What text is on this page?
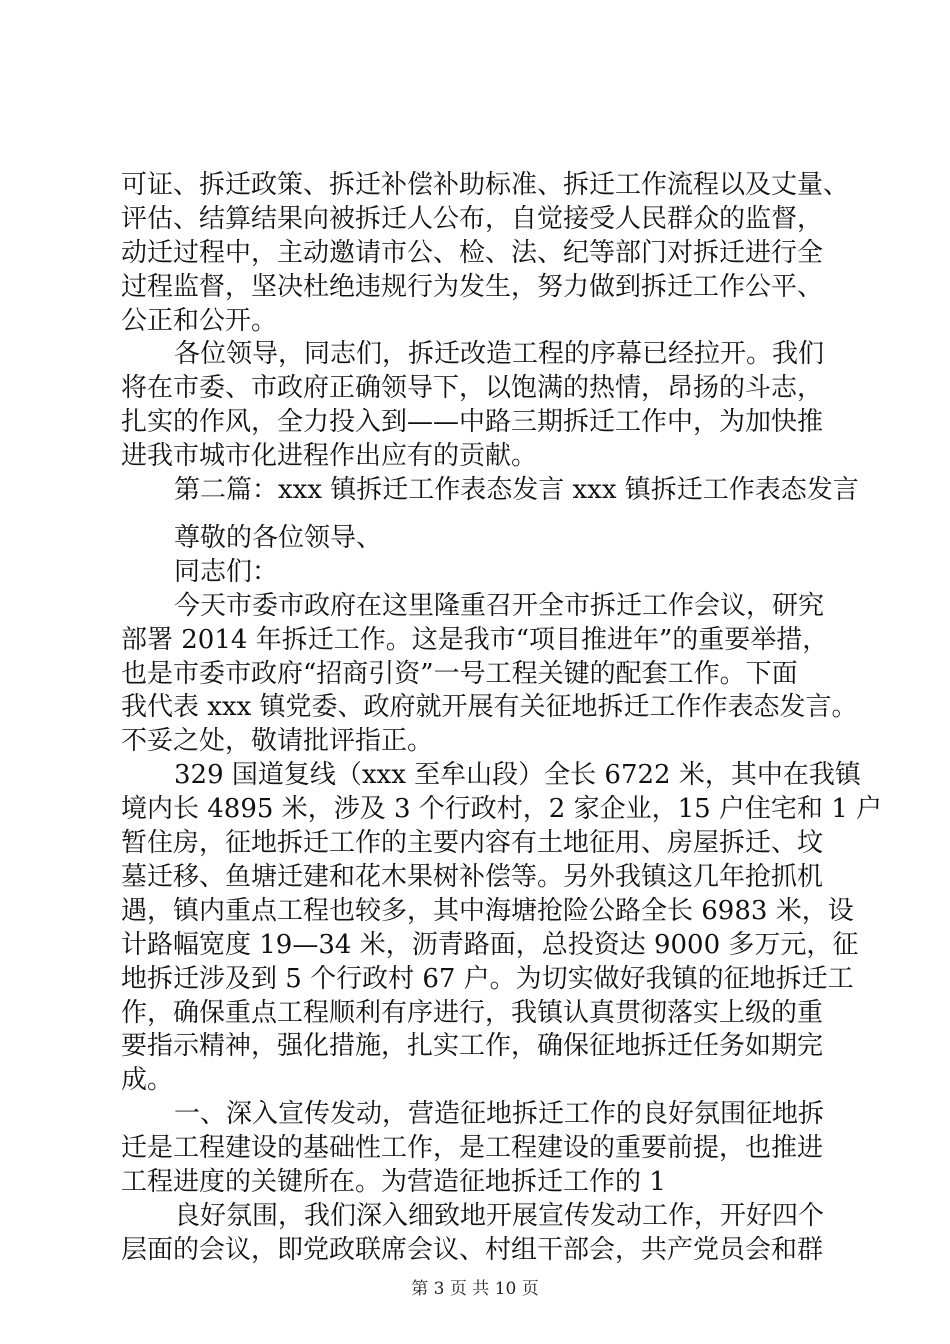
可证、拆迁政策、拆迁补偿补助标准、拆迁工作流程以及丈量、
评估、结算结果向被拆迁人公布，自觉接受人民群众的监督，
动迁过程中，主动邀请市公、检、法、纪等部门对拆迁进行全
过程监督，坚决杜绝违规行为发生，努力做到拆迁工作公平、
公正和公开。
各位领导，同志们，拆迁改造工程的序幕已经拉开。我们
将在市委、市政府正确领导下，以饱满的热情，昂扬的斗志，
扎实的作风，全力投入到——中路三期拆迁工作中，为加快推
进我市城市化进程作出应有的贡献。
第二篇：xxx 镇拆迁工作表态发言 xxx 镇拆迁工作表态发言
尊敬的各位领导、
同志们：
今天市委市政府在这里隆重召开全市拆迁工作会议，研究
部署 2014 年拆迁工作。这是我市“项目推进年”的重要举措，
也是市委市政府“招商引资”一号工程关键的配套工作。下面
我代表 xxx 镇党委、政府就开展有关征地拆迁工作作表态发言。
不妥之处，敬请批评指正。
329 国道复线（xxx 至牟山段）全长 6722 米，其中在我镇
境内长 4895 米，涉及 3 个行政村，2 家企业，15 户住宅和 1 户
暂住房，征地拆迁工作的主要内容有土地征用、房屋拆迁、坟
墓迁移、鱼塘迁建和花木果树补偿等。另外我镇这几年抢抓机
遇，镇内重点工程也较多，其中海塘抢险公路全长 6983 米，设
计路幅宽度 19—34 米，沥青路面，总投资达 9000 多万元，征
地拆迁涉及到 5 个行政村 67 户。为切实做好我镇的征地拆迁工
作，确保重点工程顺利有序进行，我镇认真贯彻落实上级的重
要指示精神，强化措施，扎实工作，确保征地拆迁任务如期完
成。
一、深入宣传发动，营造征地拆迁工作的良好氛围征地拆
迁是工程建设的基础性工作，是工程建设的重要前提，也推进
工程进度的关键所在。为营造征地拆迁工作的 1
良好氛围，我们深入细致地开展宣传发动工作，开好四个
层面的会议，即党政联席会议、村组干部会，共产党员会和群
第 3 页 共 10 页
